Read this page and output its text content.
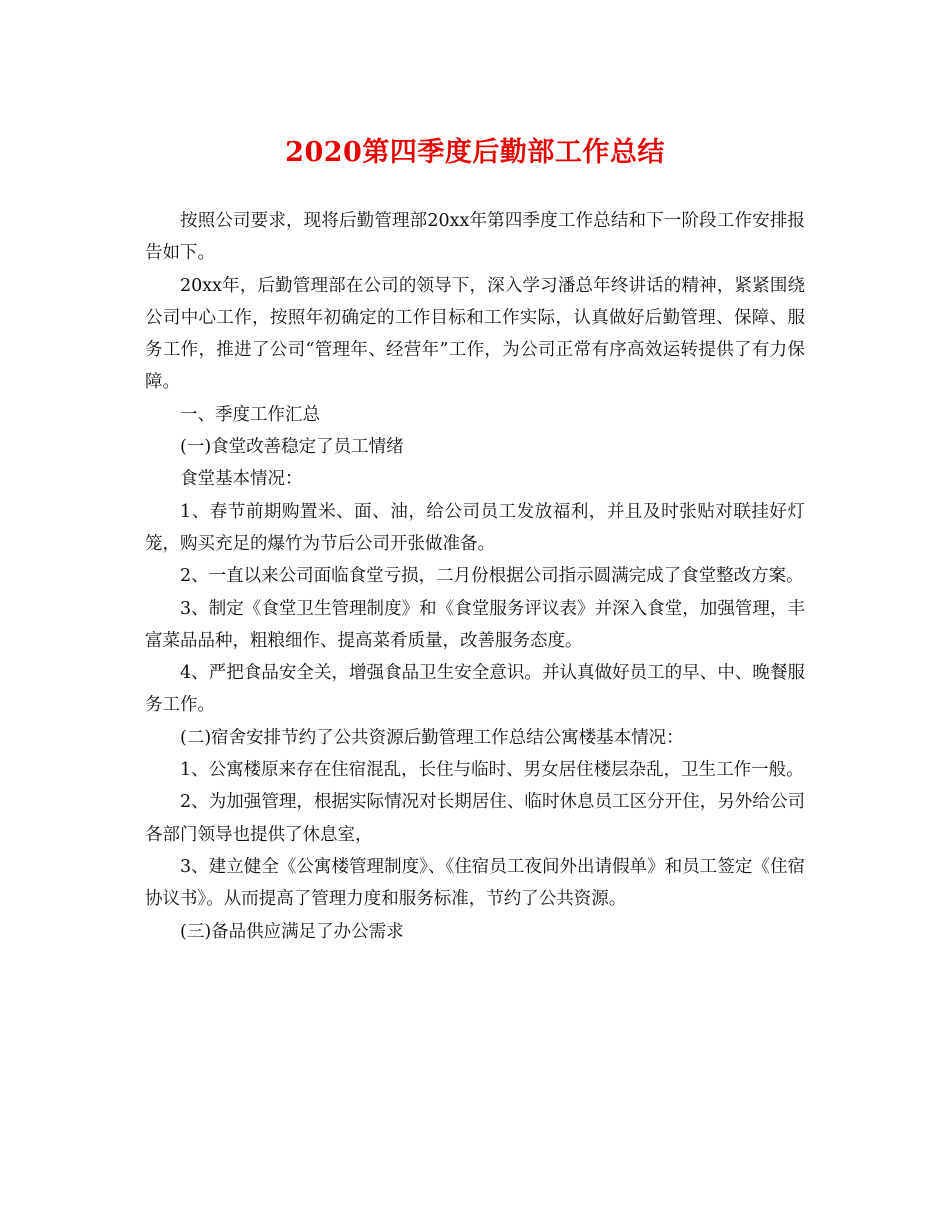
2020第四季度后勤部工作总结

按照公司要求，现将后勤管理部20xx年第四季度工作总结和下一阶段工作安排报告如下。

20xx年，后勤管理部在公司的领导下，深入学习潘总年终讲话的精神，紧紧围绕公司中心工作，按照年初确定的工作目标和工作实际，认真做好后勤管理、保障、服务工作，推进了公司“管理年、经营年”工作，为公司正常有序高效运转提供了有力保障。

一、季度工作汇总

(一)食堂改善稳定了员工情绪

食堂基本情况：

1、春节前期购置米、面、油，给公司员工发放福利，并且及时张贴对联挂好灯笼，购买充足的爆竹为节后公司开张做准备。

2、一直以来公司面临食堂亏损，二月份根据公司指示圆满完成了食堂整改方案。

3、制定《食堂卫生管理制度》和《食堂服务评议表》并深入食堂，加强管理，丰富菜品品种，粗粮细作、提高菜肴质量，改善服务态度。

4、严把食品安全关，增强食品卫生安全意识。并认真做好员工的早、中、晚餐服务工作。

(二)宿舍安排节约了公共资源后勤管理工作总结公寓楼基本情况：

1、公寓楼原来存在住宿混乱，长住与临时、男女居住楼层杂乱，卫生工作一般。

2、为加强管理，根据实际情况对长期居住、临时休息员工区分开住，另外给公司各部门领导也提供了休息室，

3、建立健全《公寓楼管理制度》、《住宿员工夜间外出请假单》和员工签定《住宿协议书》。从而提高了管理力度和服务标准，节约了公共资源。

(三)备品供应满足了办公需求
